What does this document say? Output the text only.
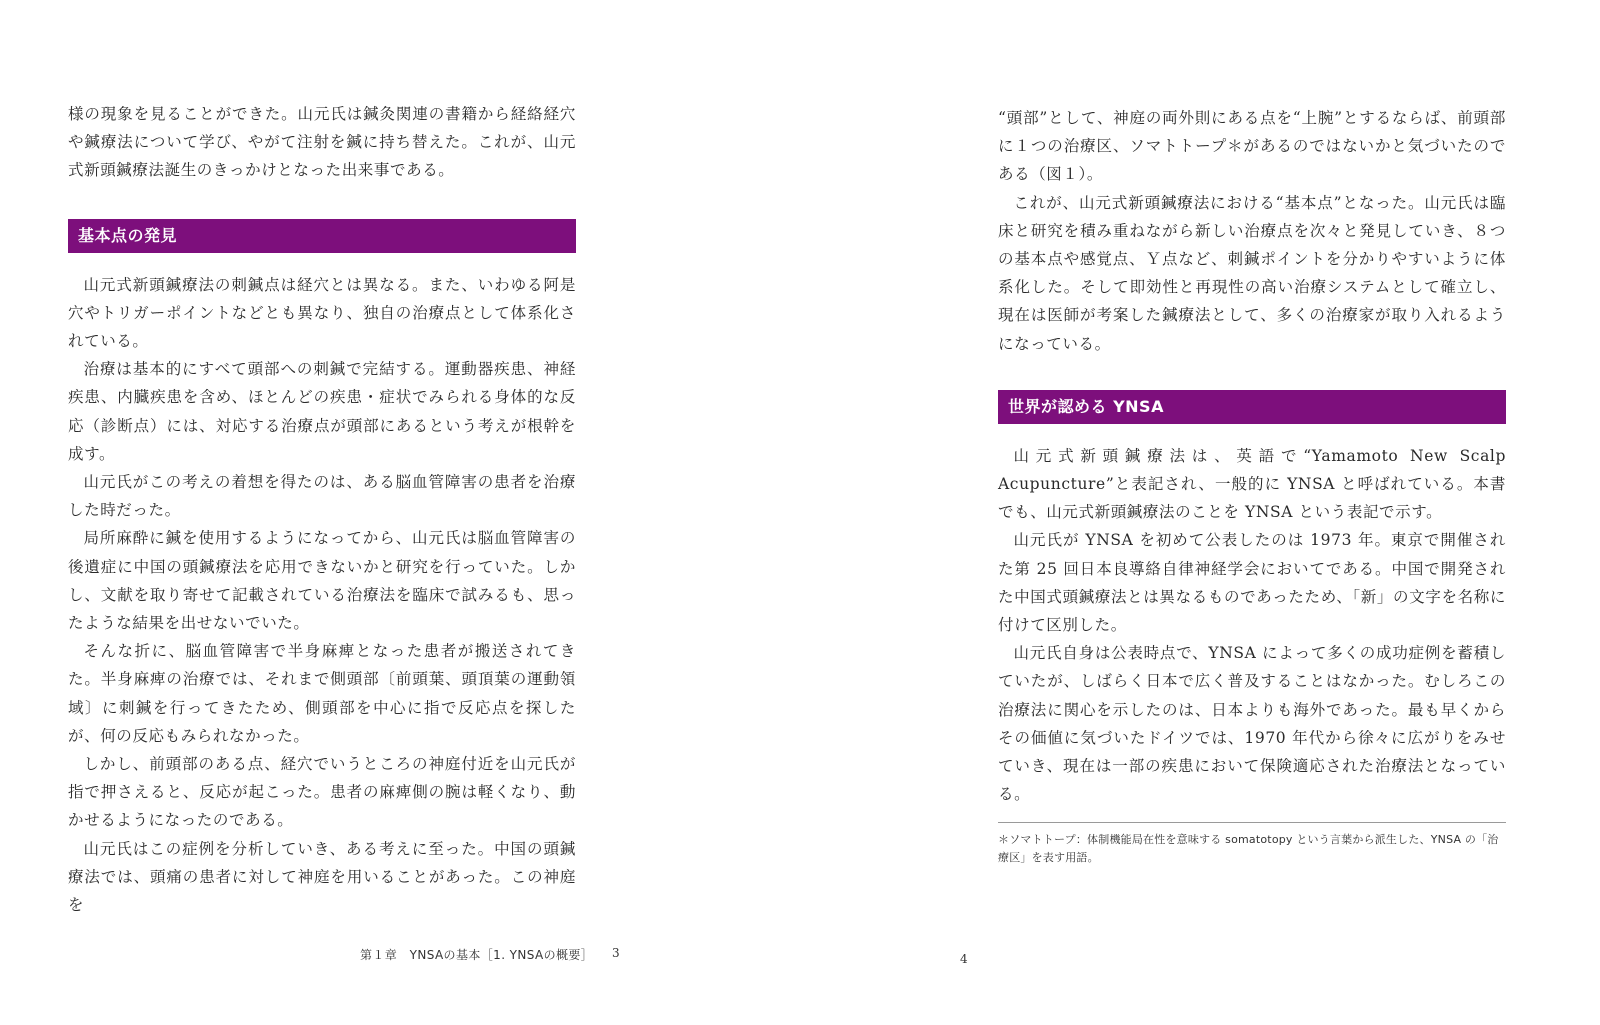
様の現象を見ることができた。山元氏は鍼灸関連の書籍から経絡経穴や鍼療法について学び、やがて注射を鍼に持ち替えた。これが、山元式新頭鍼療法誕生のきっかけとなった出来事である。

基本点の発見

山元式新頭鍼療法の刺鍼点は経穴とは異なる。また、いわゆる阿是穴やトリガーポイントなどとも異なり、独自の治療点として体系化されている。

治療は基本的にすべて頭部への刺鍼で完結する。運動器疾患、神経疾患、内臓疾患を含め、ほとんどの疾患・症状でみられる身体的な反応（診断点）には、対応する治療点が頭部にあるという考えが根幹を成す。

山元氏がこの考えの着想を得たのは、ある脳血管障害の患者を治療した時だった。

局所麻酔に鍼を使用するようになってから、山元氏は脳血管障害の後遺症に中国の頭鍼療法を応用できないかと研究を行っていた。しかし、文献を取り寄せて記載されている治療法を臨床で試みるも、思ったような結果を出せないでいた。

そんな折に、脳血管障害で半身麻痺となった患者が搬送されてきた。半身麻痺の治療では、それまで側頭部〔前頭葉、頭頂葉の運動領域〕に刺鍼を行ってきたため、側頭部を中心に指で反応点を探したが、何の反応もみられなかった。

しかし、前頭部のある点、経穴でいうところの神庭付近を山元氏が指で押さえると、反応が起こった。患者の麻痺側の腕は軽くなり、動かせるようになったのである。

山元氏はこの症例を分析していき、ある考えに至った。中国の頭鍼療法では、頭痛の患者に対して神庭を用いることがあった。この神庭を

第１章　YNSAの基本［1. YNSAの概要］ 3

“頭部”として、神庭の両外則にある点を“上腕”とするならば、前頭部に１つの治療区、ソマトトープ＊があるのではないかと気づいたのである（図１）。

これが、山元式新頭鍼療法における“基本点”となった。山元氏は臨床と研究を積み重ねながら新しい治療点を次々と発見していき、８つの基本点や感覚点、Ｙ点など、刺鍼ポイントを分かりやすいように体系化した。そして即効性と再現性の高い治療システムとして確立し、現在は医師が考案した鍼療法として、多くの治療家が取り入れるようになっている。

世界が認める YNSA

山元式新頭鍼療法は、英語で“Yamamoto New Scalp Acupuncture”と表記され、一般的に YNSA と呼ばれている。本書でも、山元式新頭鍼療法のことを YNSA という表記で示す。

山元氏が YNSA を初めて公表したのは 1973 年。東京で開催された第 25 回日本良導絡自律神経学会においてである。中国で開発された中国式頭鍼療法とは異なるものであったため、「新」の文字を名称に付けて区別した。

山元氏自身は公表時点で、YNSA によって多くの成功症例を蓄積していたが、しばらく日本で広く普及することはなかった。むしろこの治療法に関心を示したのは、日本よりも海外であった。最も早くからその価値に気づいたドイツでは、1970 年代から徐々に広がりをみせていき、現在は一部の疾患において保険適応された治療法となっている。

＊ソマトトープ：体制機能局在性を意味する somatotopy という言葉から派生した、YNSA の「治療区」を表す用語。
4
